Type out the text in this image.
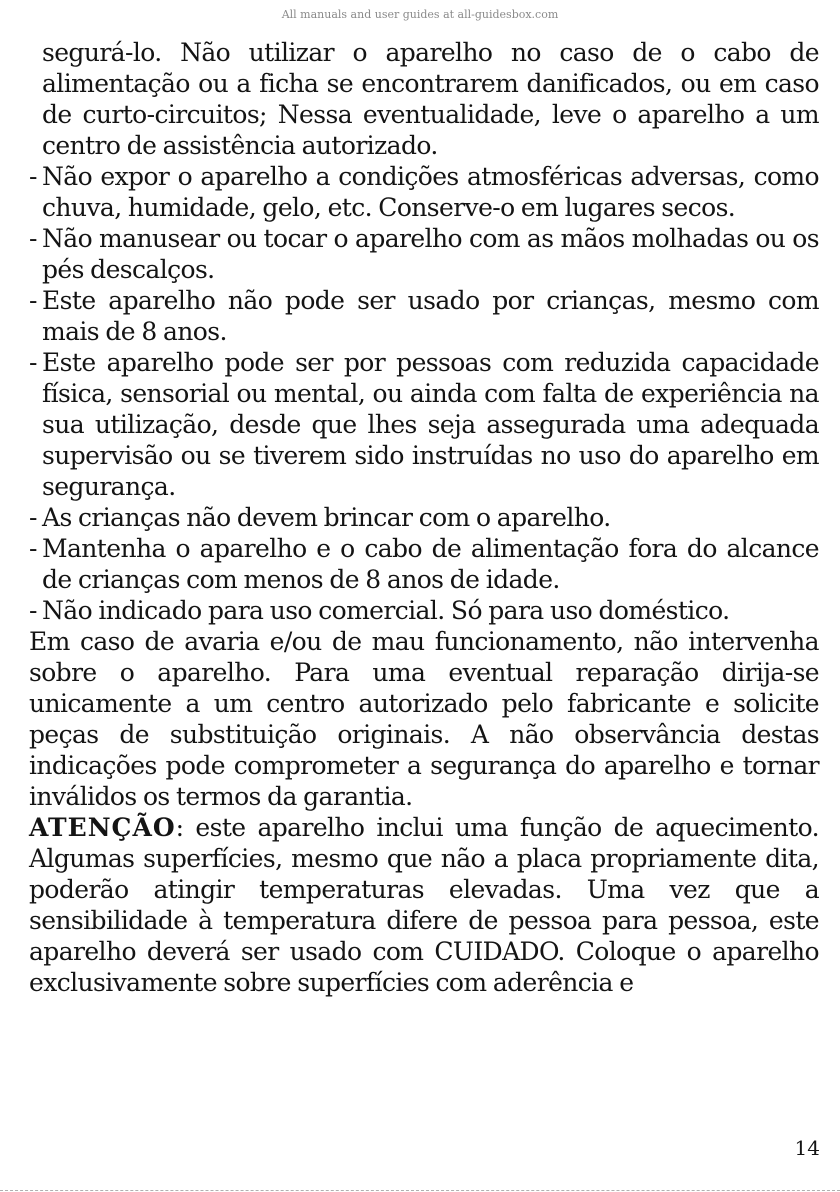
All manuals and user guides at all-guidesbox.com
segurá-lo. Não utilizar o aparelho no caso de o cabo de alimentação ou a ficha se encontrarem danificados, ou em caso de curto-circuitos; Nessa eventualidade, leve o aparelho a um centro de assistência autorizado.
- Não expor o aparelho a condições atmosféricas adversas, como chuva, humidade, gelo, etc. Conserve-o em lugares secos.
- Não manusear ou tocar o aparelho com as mãos molhadas ou os pés descalços.
- Este aparelho não pode ser usado por crianças, mesmo com mais de 8 anos.
- Este aparelho pode ser por pessoas com reduzida capacidade física, sensorial ou mental, ou ainda com falta de experiência na sua utilização, desde que lhes seja assegurada uma adequada supervisão ou se tiverem sido instruídas no uso do aparelho em segurança.
- As crianças não devem brincar com o aparelho.
- Mantenha o aparelho e o cabo de alimentação fora do alcance de crianças com menos de 8 anos de idade.
- Não indicado para uso comercial. Só para uso doméstico.

Em caso de avaria e/ou de mau funcionamento, não intervenha sobre o aparelho. Para uma eventual reparação dirija-se unicamente a um centro autorizado pelo fabricante e solicite peças de substituição originais. A não observância destas indicações pode comprometer a segurança do aparelho e tornar inválidos os termos da garantia.

ATENÇÃO: este aparelho inclui uma função de aquecimento. Algumas superfícies, mesmo que não a placa propriamente dita, poderão atingir temperaturas elevadas. Uma vez que a sensibilidade à temperatura difere de pessoa para pessoa, este aparelho deverá ser usado com CUIDADO. Coloque o aparelho exclusivamente sobre superfícies com aderência e

14
